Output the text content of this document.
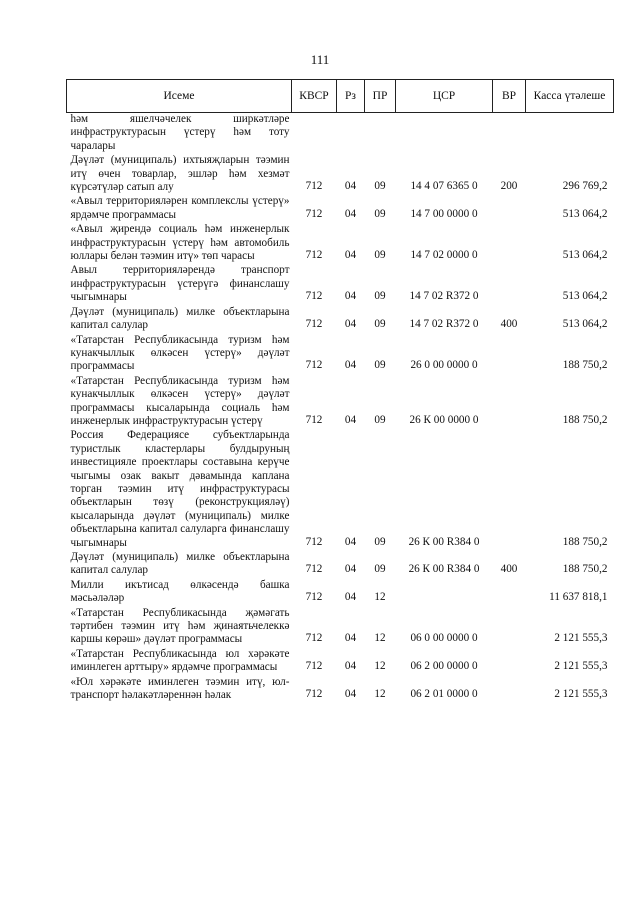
111
Исеме	КВСР	Рз	ПР	ЦСР	ВР	Касса үтәлеше
һәм яшелчәчелек ширкәтләре инфраструктурасын үстерү һәм тоту чаралары						
Дәүләт (муниципаль) ихтыяҗларын тәэмин итү өчен товарлар, эшләр һәм хезмәт күрсәтүләр сатып алу	712	04	09	14 4 07 6365 0	200	296 769,2
«Авыл территорияләрен комплекслы үстерү» ярдәмче программасы	712	04	09	14 7 00 0000 0		513 064,2
«Авыл җирендә социаль һәм инженерлык инфраструктурасын үстерү һәм автомобиль юллары белән тәэмин итү» төп чарасы	712	04	09	14 7 02 0000 0		513 064,2
Авыл территорияләрендә транспорт инфраструктурасын үстерүгә финанслашу чыгымнары	712	04	09	14 7 02 R372 0		513 064,2
Дәүләт (муниципаль) милке объектларына капитал салулар	712	04	09	14 7 02 R372 0	400	513 064,2
«Татарстан Республикасында туризм һәм кунакчыллык өлкәсен үстерү» дәүләт программасы	712	04	09	26 0 00 0000 0		188 750,2
«Татарстан Республикасында туризм һәм кунакчыллык өлкәсен үстерү» дәүләт программасы кысаларында социаль һәм инженерлык инфраструктурасын үстерү	712	04	09	26 К 00 0000 0		188 750,2
Россия Федерациясе субъектларында туристлык кластерлары булдыруның инвестицияле проектлары составына керүче чыгымы озак вакыт дәвамында каплана торган тәэмин итү инфраструктурасы объектларын төзү (реконструкцияләү) кысаларында дәүләт (муниципаль) милке объектларына капитал салуларга финанслашу чыгымнары	712	04	09	26 К 00 R384 0		188 750,2
Дәүләт (муниципаль) милке объектларына капитал салулар	712	04	09	26 К 00 R384 0	400	188 750,2
Милли икътисад өлкәсендә башка мәсьәләләр	712	04	12			11 637 818,1
«Татарстан Республикасында җәмәгать тәртибен тәэмин итү һәм җинаятьчелеккә каршы көрәш» дәүләт программасы	712	04	12	06 0 00 0000 0		2 121 555,3
«Татарстан Республикасында юл хәрәкәте иминлеген арттыру» ярдәмче программасы	712	04	12	06 2 00 0000 0		2 121 555,3
«Юл хәрәкәте иминлеген тәэмин итү, юл-транспорт һәлакәтләреннән һәлак	712	04	12	06 2 01 0000 0		2 121 555,3
